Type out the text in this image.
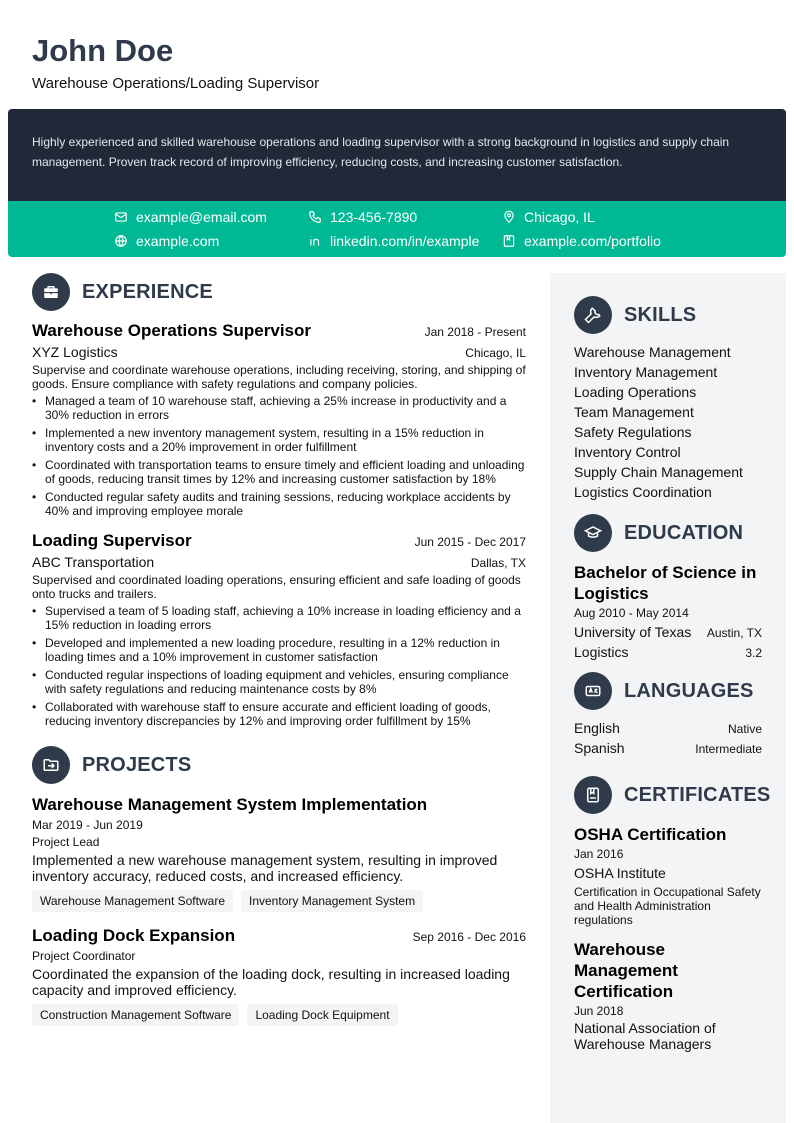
John Doe
Warehouse Operations/Loading Supervisor
Highly experienced and skilled warehouse operations and loading supervisor with a strong background in logistics and supply chain management. Proven track record of improving efficiency, reducing costs, and increasing customer satisfaction.
example@email.com	123-456-7890	Chicago, IL
example.com	linkedin.com/in/example	example.com/portfolio
EXPERIENCE
Warehouse Operations Supervisor	Jan 2018 - Present
XYZ Logistics	Chicago, IL
Supervise and coordinate warehouse operations, including receiving, storing, and shipping of goods. Ensure compliance with safety regulations and company policies.
• Managed a team of 10 warehouse staff, achieving a 25% increase in productivity and a 30% reduction in errors
• Implemented a new inventory management system, resulting in a 15% reduction in inventory costs and a 20% improvement in order fulfillment
• Coordinated with transportation teams to ensure timely and efficient loading and unloading of goods, reducing transit times by 12% and increasing customer satisfaction by 18%
• Conducted regular safety audits and training sessions, reducing workplace accidents by 40% and improving employee morale
Loading Supervisor	Jun 2015 - Dec 2017
ABC Transportation	Dallas, TX
Supervised and coordinated loading operations, ensuring efficient and safe loading of goods onto trucks and trailers.
• Supervised a team of 5 loading staff, achieving a 10% increase in loading efficiency and a 15% reduction in loading errors
• Developed and implemented a new loading procedure, resulting in a 12% reduction in loading times and a 10% improvement in customer satisfaction
• Conducted regular inspections of loading equipment and vehicles, ensuring compliance with safety regulations and reducing maintenance costs by 8%
• Collaborated with warehouse staff to ensure accurate and efficient loading of goods, reducing inventory discrepancies by 12% and improving order fulfillment by 15%
PROJECTS
Warehouse Management System Implementation
Mar 2019 - Jun 2019
Project Lead
Implemented a new warehouse management system, resulting in improved inventory accuracy, reduced costs, and increased efficiency.
Warehouse Management Software	Inventory Management System
Loading Dock Expansion	Sep 2016 - Dec 2016
Project Coordinator
Coordinated the expansion of the loading dock, resulting in increased loading capacity and improved efficiency.
Construction Management Software	Loading Dock Equipment
SKILLS
Warehouse Management
Inventory Management
Loading Operations
Team Management
Safety Regulations
Inventory Control
Supply Chain Management
Logistics Coordination
EDUCATION
Bachelor of Science in Logistics
Aug 2010 - May 2014
University of Texas Austin, TX
Logistics	3.2
LANGUAGES
English	Native
Spanish	Intermediate
CERTIFICATES
OSHA Certification
Jan 2016
OSHA Institute
Certification in Occupational Safety and Health Administration regulations
Warehouse Management Certification
Jun 2018
National Association of Warehouse Managers
